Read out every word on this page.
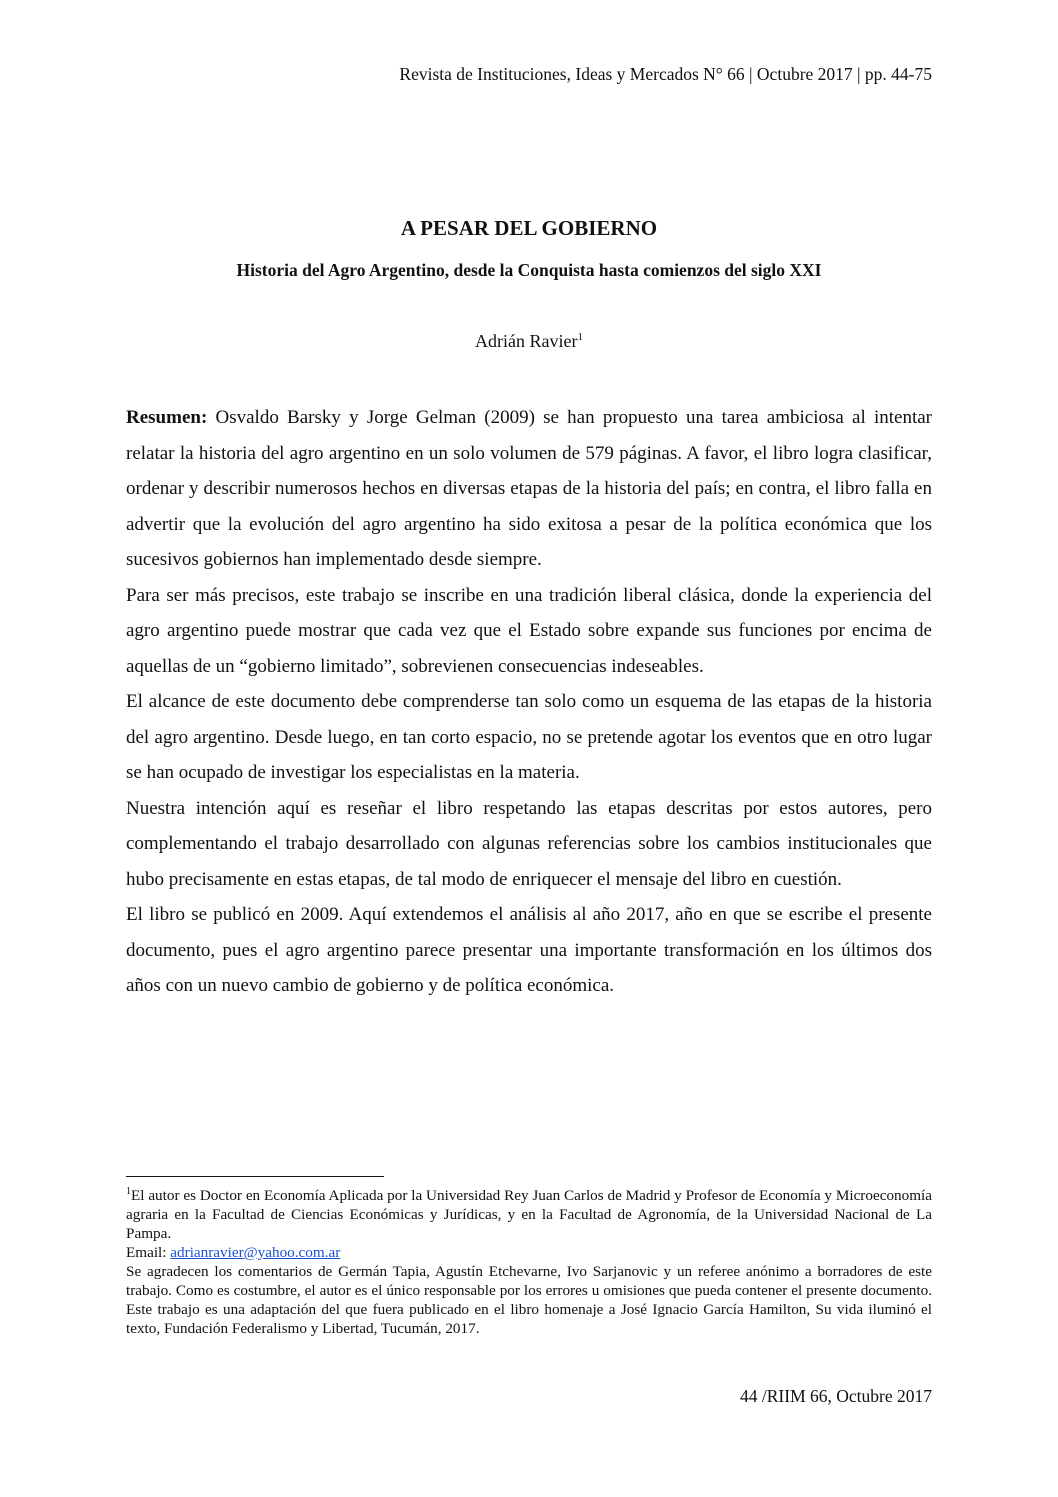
Revista de Instituciones, Ideas y Mercados N° 66 | Octubre 2017 | pp. 44-75
A PESAR DEL GOBIERNO
Historia del Agro Argentino, desde la Conquista hasta comienzos del siglo XXI
Adrián Ravier$^1$

Resumen: Osvaldo Barsky y Jorge Gelman (2009) se han propuesto una tarea ambiciosa al intentar relatar la historia del agro argentino en un solo volumen de 579 páginas. A favor, el libro logra clasificar, ordenar y describir numerosos hechos en diversas etapas de la historia del país; en contra, el libro falla en advertir que la evolución del agro argentino ha sido exitosa a pesar de la política económica que los sucesivos gobiernos han implementado desde siempre.

Para ser más precisos, este trabajo se inscribe en una tradición liberal clásica, donde la experiencia del agro argentino puede mostrar que cada vez que el Estado sobre expande sus funciones por encima de aquellas de un “gobierno limitado”, sobrevienen consecuencias indeseables.

El alcance de este documento debe comprenderse tan solo como un esquema de las etapas de la historia del agro argentino. Desde luego, en tan corto espacio, no se pretende agotar los eventos que en otro lugar se han ocupado de investigar los especialistas en la materia.

Nuestra intención aquí es reseñar el libro respetando las etapas descritas por estos autores, pero complementando el trabajo desarrollado con algunas referencias sobre los cambios institucionales que hubo precisamente en estas etapas, de tal modo de enriquecer el mensaje del libro en cuestión.

El libro se publicó en 2009. Aquí extendemos el análisis al año 2017, año en que se escribe el presente documento, pues el agro argentino parece presentar una importante transformación en los últimos dos años con un nuevo cambio de gobierno y de política económica.

$^1$El autor es Doctor en Economía Aplicada por la Universidad Rey Juan Carlos de Madrid y Profesor de Economía y Microeconomía agraria en la Facultad de Ciencias Económicas y Jurídicas, y en la Facultad de Agronomía, de la Universidad Nacional de La Pampa.

Email: adrianravier@yahoo.com.ar

Se agradecen los comentarios de Germán Tapia, Agustín Etchevarne, Ivo Sarjanovic y un referee anónimo a borradores de este trabajo. Como es costumbre, el autor es el único responsable por los errores u omisiones que pueda contener el presente documento. Este trabajo es una adaptación del que fuera publicado en el libro homenaje a José Ignacio García Hamilton, Su vida iluminó el texto, Fundación Federalismo y Libertad, Tucumán, 2017.

44 /RIIM 66, Octubre 2017
